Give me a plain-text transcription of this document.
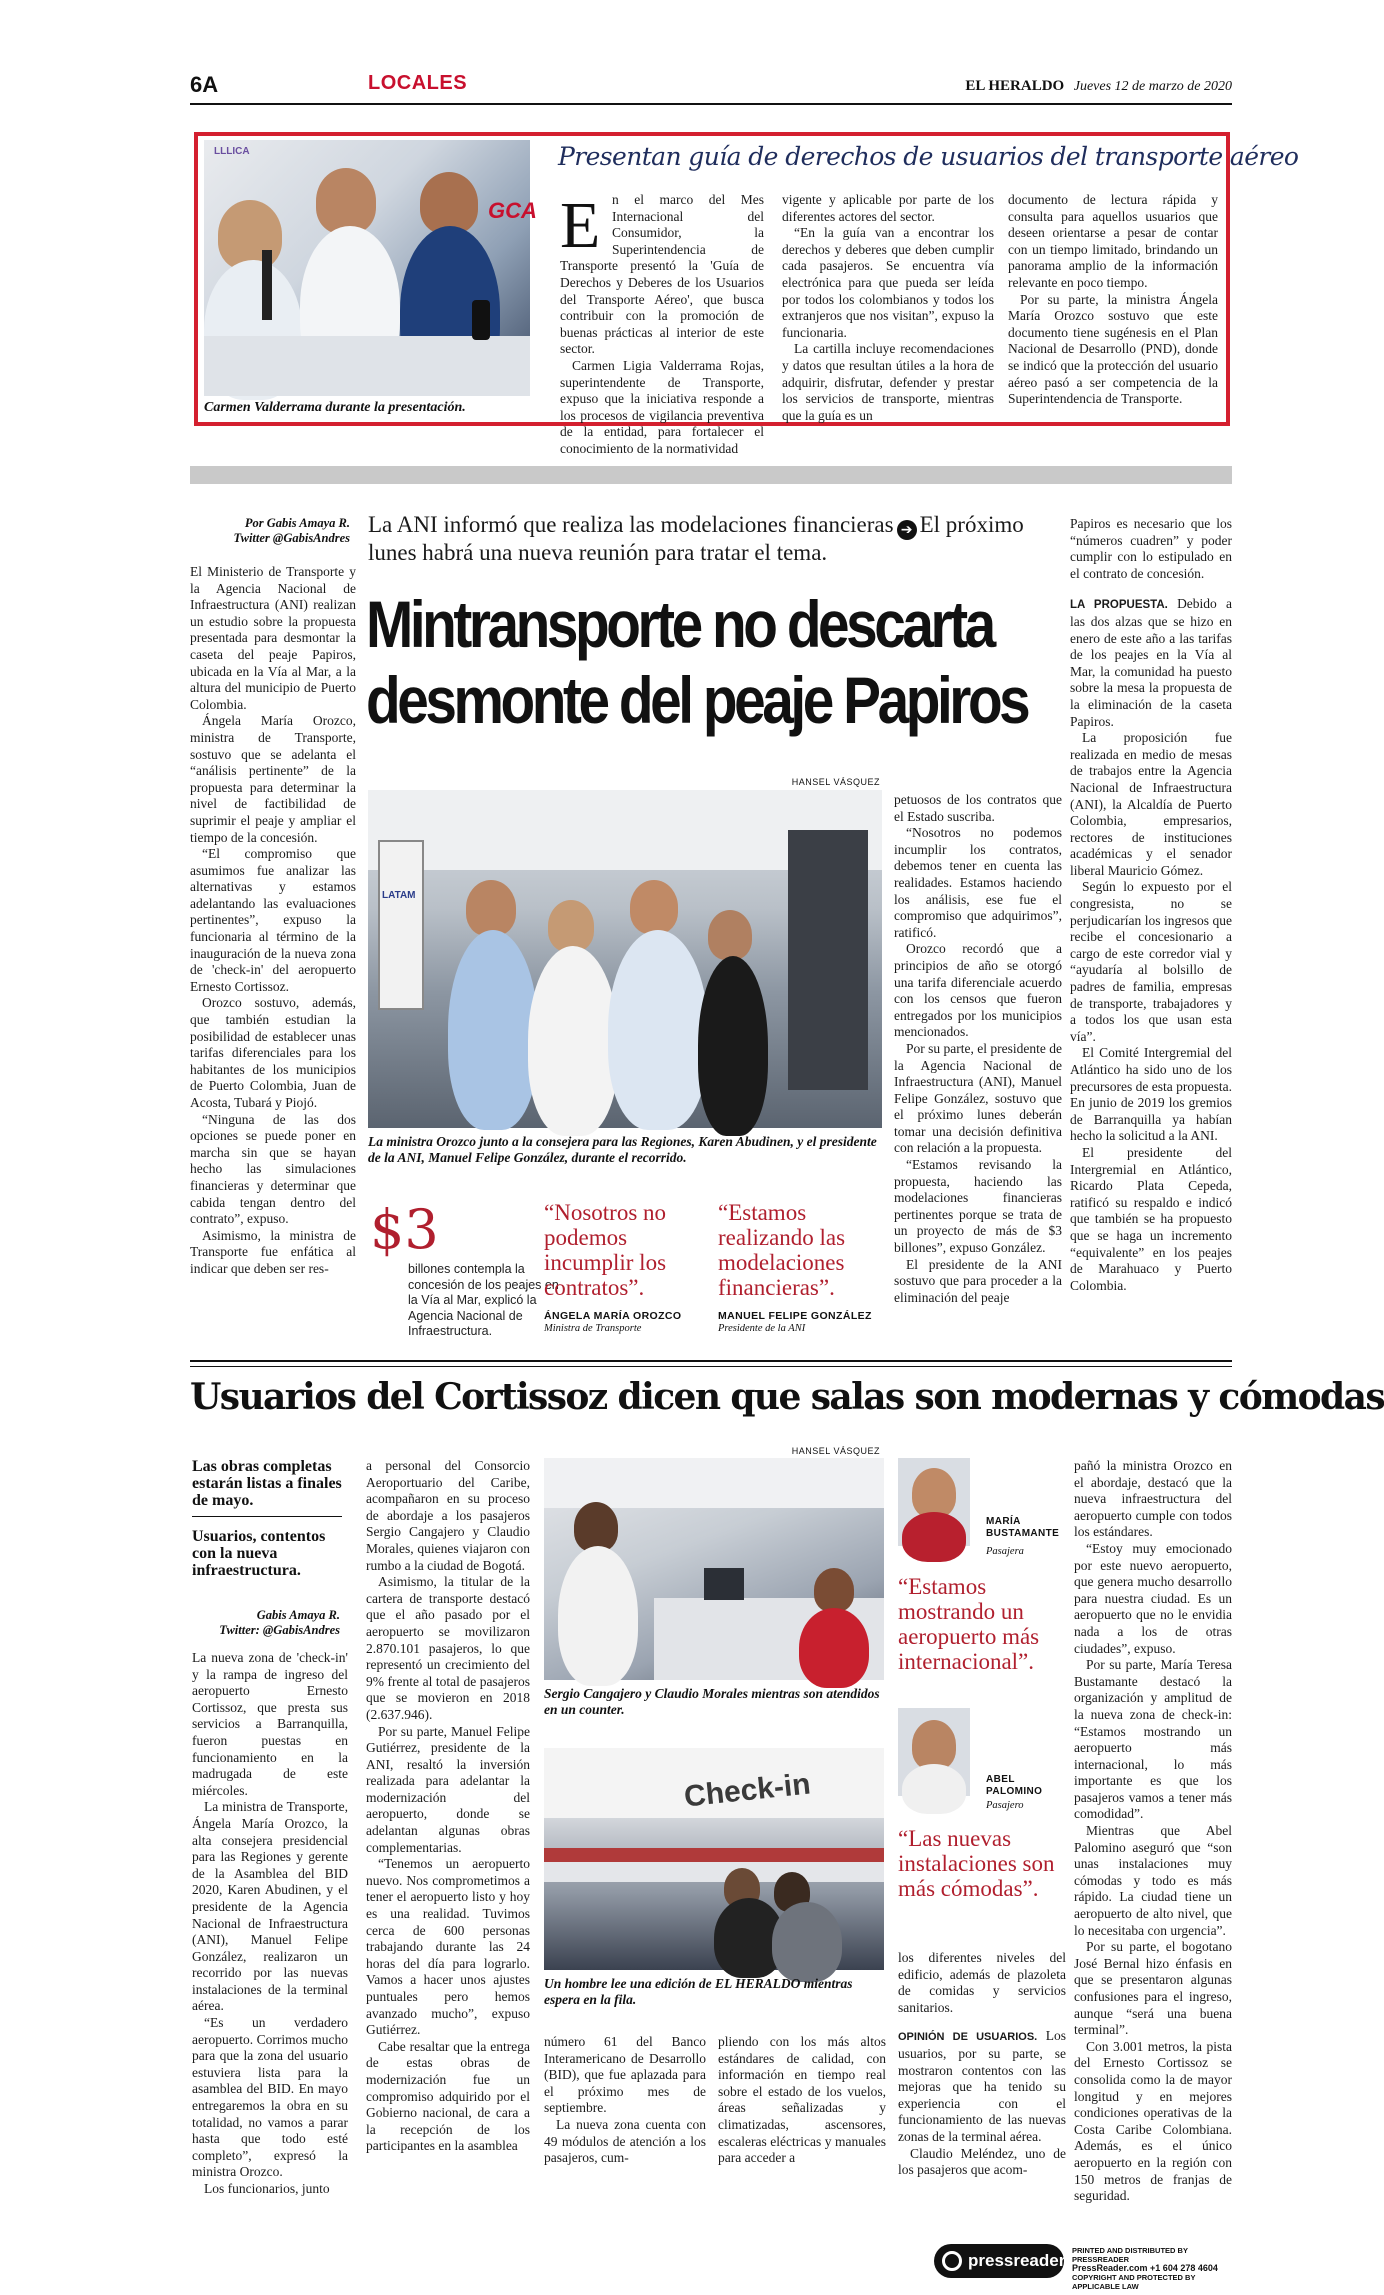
6A	LOCALES	EL HERALDO Jueves 12 de marzo de 2020
LLLICA
GCA
Carmen Valderrama durante la presentación.
Presentan guía de derechos de usuarios del transporte aéreo
E n el marco del Mes Internacional del Consumidor, la Superintendencia de Transporte presentó la 'Guía de Derechos y Deberes de los Usuarios del Transporte Aéreo', que busca contribuir con la promoción de buenas prácticas al interior de este sector.

Carmen Ligia Valderrama Rojas, superintendente de Transporte, expuso que la iniciativa responde a los procesos de vigilancia preventiva de la entidad, para fortalecer el conocimiento de la normatividad

vigente y aplicable por parte de los diferentes actores del sector.

“En la guía van a encontrar los derechos y deberes que deben cumplir cada pasajeros. Se encuentra vía electrónica para que pueda ser leída por todos los colombianos y todos los extranjeros que nos visitan”, expuso la funcionaria.

La cartilla incluye recomendaciones y datos que resultan útiles a la hora de adquirir, disfrutar, defender y prestar los servicios de transporte, mientras que la guía es un

documento de lectura rápida y consulta para aquellos usuarios que deseen orientarse a pesar de contar con un tiempo limitado, brindando un panorama amplio de la información relevante en poco tiempo.

Por su parte, la ministra Ángela María Orozco sostuvo que este documento tiene sugénesis en el Plan Nacional de Desarrollo (PND), donde se indicó que la protección del usuario aéreo pasó a ser competencia de la Superintendencia de Transporte.

Por Gabis Amaya R.
Twitter @GabisAndres
La ANI informó que realiza las modelaciones financieras ➔ El próximo lunes habrá una nueva reunión para tratar el tema.
Mintransporte no descarta
desmonte del peaje Papiros

El Ministerio de Transporte y la Agencia Nacional de Infraestructura (ANI) realizan un estudio sobre la propuesta presentada para desmontar la caseta del peaje Papiros, ubicada en la Vía al Mar, a la altura del municipio de Puerto Colombia.

Ángela María Orozco, ministra de Transporte, sostuvo que se adelanta el “análisis pertinente” de la propuesta para determinar la nivel de factibilidad de suprimir el peaje y ampliar el tiempo de la concesión.

“El compromiso que asumimos fue analizar las alternativas y estamos adelantando las evaluaciones pertinentes”, expuso la funcionaria al término de la inauguración de la nueva zona de 'check-in' del aeropuerto Ernesto Cortissoz.

Orozco sostuvo, además, que también estudian la posibilidad de establecer unas tarifas diferenciales para los habitantes de los municipios de Puerto Colombia, Juan de Acosta, Tubará y Piojó.

“Ninguna de las dos opciones se puede poner en marcha sin que se hayan hecho las simulaciones financieras y determinar que cabida tengan dentro del contrato”, expuso.

Asimismo, la ministra de Transporte fue enfática al indicar que deben ser res-

HANSEL VÁSQUEZ
LATAM
La ministra Orozco junto a la consejera para las Regiones, Karen Abudinen, y el presidente de la ANI, Manuel Felipe González, durante el recorrido.
$3
billones contempla la concesión de los peajes en la Vía al Mar, explicó la Agencia Nacional de Infraestructura.
“Nosotros no podemos incumplir los contratos”.
ÁNGELA MARÍA OROZCO
Ministra de Transporte
“Estamos realizando las modelaciones financieras”.
MANUEL FELIPE GONZÁLEZ
Presidente de la ANI

petuosos de los contratos que el Estado suscriba.

“Nosotros no podemos incumplir los contratos, debemos tener en cuenta las realidades. Estamos haciendo los análisis, ese fue el compromiso que adquirimos”, ratificó.

Orozco recordó que a principios de año se otorgó una tarifa diferenciale acuerdo con los censos que fueron entregados por los municipios mencionados.

Por su parte, el presidente de la Agencia Nacional de Infraestructura (ANI), Manuel Felipe González, sostuvo que el próximo lunes deberán tomar una decisión definitiva con relación a la propuesta.

“Estamos revisando la propuesta, haciendo las modelaciones financieras pertinentes porque se trata de un proyecto de más de $3 billones”, expuso González.

El presidente de la ANI sostuvo que para proceder a la eliminación del peaje

Papiros es necesario que los “números cuadren” y poder cumplir con lo estipulado en el contrato de concesión.

LA PROPUESTA. Debido a las dos alzas que se hizo en enero de este año a las tarifas de los peajes en la Vía al Mar, la comunidad ha puesto sobre la mesa la propuesta de la eliminación de la caseta Papiros.

La proposición fue realizada en medio de mesas de trabajos entre la Agencia Nacional de Infraestructura (ANI), la Alcaldía de Puerto Colombia, empresarios, rectores de instituciones académicas y el senador liberal Mauricio Gómez.

Según lo expuesto por el congresista, no se perjudicarían los ingresos que recibe el concesionario a cargo de este corredor vial y “ayudaría al bolsillo de padres de familia, empresas de transporte, trabajadores y a todos los que usan esta vía”.

El Comité Intergremial del Atlántico ha sido uno de los precursores de esta propuesta. En junio de 2019 los gremios de Barranquilla ya habían hecho la solicitud a la ANI.

El presidente del Intergremial en Atlántico, Ricardo Plata Cepeda, ratificó su respaldo e indicó que también se ha propuesto que se haga un incremento “equivalente” en los peajes de Marahuaco y Puerto Colombia.

Usuarios del Cortissoz dicen que salas son modernas y cómodas
Las obras completas estarán listas a finales de mayo.
Usuarios, contentos con la nueva infraestructura.
Gabis Amaya R.
Twitter: @GabisAndres

La nueva zona de 'check-in' y la rampa de ingreso del aeropuerto Ernesto Cortissoz, que presta sus servicios a Barranquilla, fueron puestas en funcionamiento en la madrugada de este miércoles.

La ministra de Transporte, Ángela María Orozco, la alta consejera presidencial para las Regiones y gerente de la Asamblea del BID 2020, Karen Abudinen, y el presidente de la Agencia Nacional de Infraestructura (ANI), Manuel Felipe González, realizaron un recorrido por las nuevas instalaciones de la terminal aérea.

“Es un verdadero aeropuerto. Corrimos mucho para que la zona del usuario estuviera lista para la asamblea del BID. En mayo entregaremos la obra en su totalidad, no vamos a parar hasta que todo esté completo”, expresó la ministra Orozco.

Los funcionarios, junto

a personal del Consorcio Aeroportuario del Caribe, acompañaron en su proceso de abordaje a los pasajeros Sergio Cangajero y Claudio Morales, quienes viajaron con rumbo a la ciudad de Bogotá.

Asimismo, la titular de la cartera de transporte destacó que el año pasado por el aeropuerto se movilizaron 2.870.101 pasajeros, lo que representó un crecimiento del 9% frente al total de pasajeros que se movieron en 2018 (2.637.946).

Por su parte, Manuel Felipe Gutiérrez, presidente de la ANI, resaltó la inversión realizada para adelantar la modernización del aeropuerto, donde se adelantan algunas obras complementarias.

“Tenemos un aeropuerto nuevo. Nos comprometimos a tener el aeropuerto listo y hoy es una realidad. Tuvimos cerca de 600 personas trabajando durante las 24 horas del día para lograrlo. Vamos a hacer unos ajustes puntuales pero hemos avanzado mucho”, expuso Gutiérrez.

Cabe resaltar que la entrega de estas obras de modernización fue un compromiso adquirido por el Gobierno nacional, de cara a la recepción de los participantes en la asamblea

HANSEL VÁSQUEZ
Sergio Cangajero y Claudio Morales mientras son atendidos en un counter.
Check-in
Un hombre lee una edición de EL HERALDO mientras espera en la fila.

número 61 del Banco Interamericano de Desarrollo (BID), que fue aplazada para el próximo mes de septiembre.

La nueva zona cuenta con 49 módulos de atención a los pasajeros, cum-

pliendo con los más altos estándares de calidad, con información en tiempo real sobre el estado de los vuelos, áreas señalizadas y climatizadas, ascensores, escaleras eléctricas y manuales para acceder a

MARÍA BUSTAMANTE
Pasajera
“Estamos mostrando un aeropuerto más internacional”.
ABEL PALOMINO
Pasajero
“Las nuevas instalaciones son más cómodas”.

los diferentes niveles del edificio, además de plazoleta de comidas y servicios sanitarios.

OPINIÓN DE USUARIOS. Los usuarios, por su parte, se mostraron contentos con las mejoras que ha tenido su experiencia con el funcionamiento de las nuevas zonas de la terminal aérea.

Claudio Meléndez, uno de los pasajeros que acom-

pañó la ministra Orozco en el abordaje, destacó que la nueva infraestructura del aeropuerto cumple con todos los estándares.

“Estoy muy emocionado por este nuevo aeropuerto, que genera mucho desarrollo para nuestra ciudad. Es un aeropuerto que no le envidia nada a los de otras ciudades”, expuso.

Por su parte, María Teresa Bustamante destacó la organización y amplitud de la nueva zona de check-in: “Estamos mostrando un aeropuerto más internacional, lo más importante es que los pasajeros vamos a tener más comodidad”.

Mientras que Abel Palomino aseguró que “son unas instalaciones muy cómodas y todo es más rápido. La ciudad tiene un aeropuerto de alto nivel, que lo necesitaba con urgencia”.

Por su parte, el bogotano José Bernal hizo énfasis en que se presentaron algunas confusiones para el ingreso, aunque “será una buena terminal”.

Con 3.001 metros, la pista del Ernesto Cortissoz se consolida como la de mayor longitud y en mejores condiciones operativas de la Costa Caribe Colombiana. Además, es el único aeropuerto en la región con 150 metros de franjas de seguridad.

pressreader
PRINTED AND DISTRIBUTED BY PRESSREADER
PressReader.com +1 604 278 4604
COPYRIGHT AND PROTECTED BY APPLICABLE LAW
